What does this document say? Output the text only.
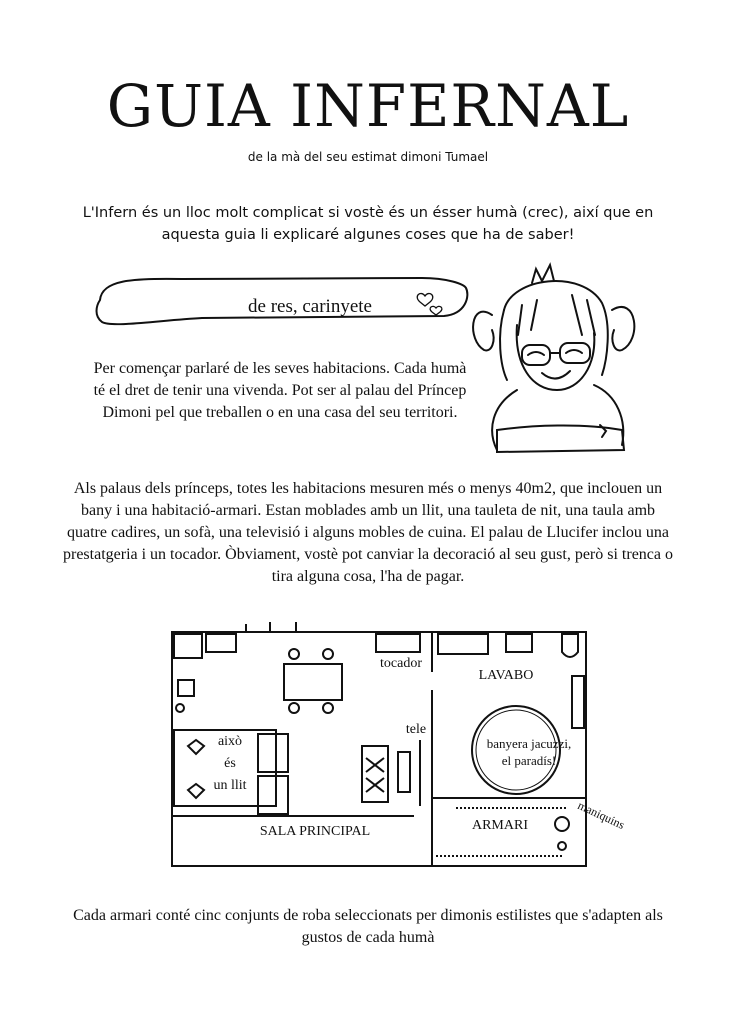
GUIA INFERNAL
de la mà del seu estimat dimoni Tumael
L'Infern és un lloc molt complicat si vostè és un ésser humà (crec), així que en aquesta guia li explicaré algunes coses que ha de saber!
de res, carinyete
Per començar parlaré de les seves habitacions. Cada humà té el dret de tenir una vivenda. Pot ser al palau del Príncep Dimoni pel que treballen o en una casa del seu territori.
Als palaus dels prínceps, totes les habitacions mesuren més o menys 40m2, que inclouen un bany i una habitació-armari. Estan moblades amb un llit, una tauleta de nit, una taula amb quatre cadires, un sofà, una televisió i alguns mobles de cuina. El palau de Llucifer inclou una prestatgeria i un tocador. Òbviament, vostè pot canviar la decoració al seu gust, però si trenca o tira alguna cosa, l'ha de pagar.
això
és
un llit
SALA PRINCIPAL
tocador
tele
LAVABO
banyera jacuzzi,
el paradís!
ARMARI	maniquins
Cada armari conté cinc conjunts de roba seleccionats per dimonis estilistes que s'adapten als gustos de cada humà
